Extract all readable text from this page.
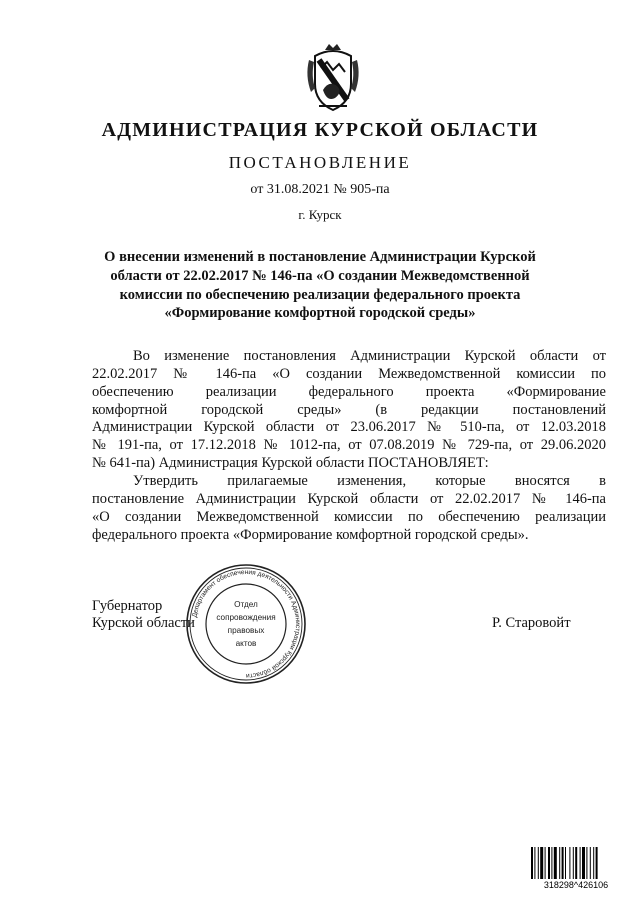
АДМИНИСТРАЦИЯ КУРСКОЙ ОБЛАСТИ
ПОСТАНОВЛЕНИЕ
от 31.08.2021 № 905-па
г. Курск
О внесении изменений в постановление Администрации Курской
области от 22.02.2017 № 146-па «О создании Межведомственной
комиссии по обеспечению реализации федерального проекта
«Формирование комфортной городской среды»
Во изменение постановления Администрации Курской области от
22.02.2017 № 146-па «О создании Межведомственной комиссии по
обеспечению реализации федерального проекта «Формирование
комфортной городской среды» (в редакции постановлений
Администрации Курской области от 23.06.2017 № 510-па, от 12.03.2018
№ 191-па, от 17.12.2018 № 1012-па, от 07.08.2019 № 729-па, от 29.06.2020
№ 641-па) Администрация Курской области ПОСТАНОВЛЯЕТ:
Утвердить прилагаемые изменения, которые вносятся в
постановление Администрации Курской области от 22.02.2017 № 146-па
«О создании Межведомственной комиссии по обеспечению реализации
федерального проекта «Формирование комфортной городской среды».
Губернатор
Курской области	Р. Старовойт
Департамент обеспечения деятельности Администрации Курской области
Отдел
сопровождения
правовых
актов
318298^426106
